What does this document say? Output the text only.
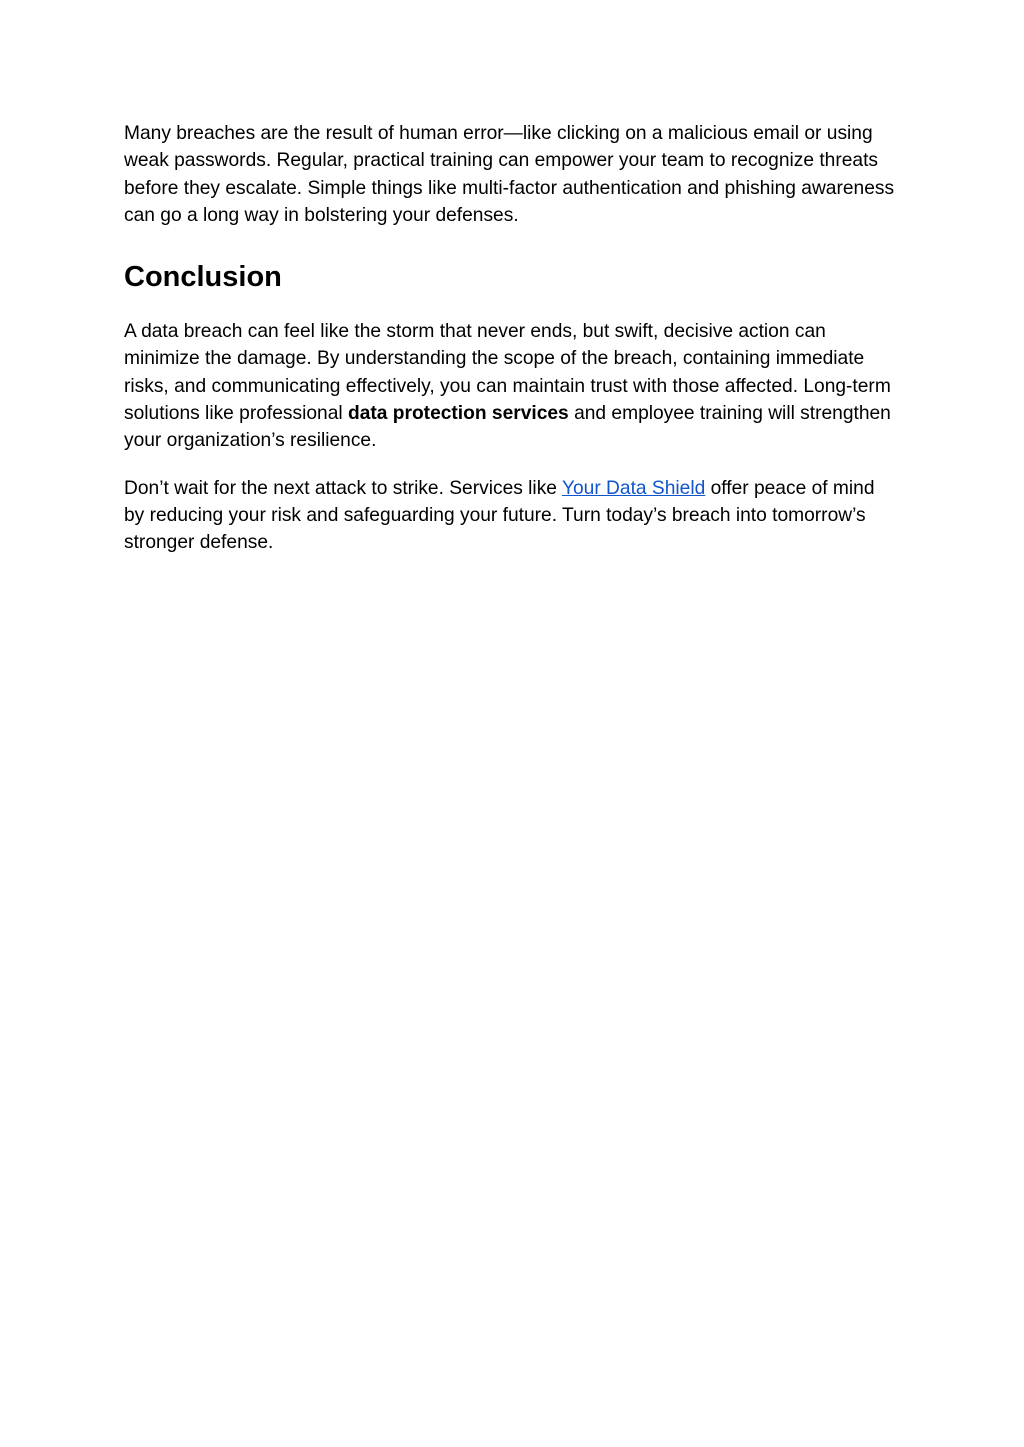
Many breaches are the result of human error—like clicking on a malicious email or using weak passwords. Regular, practical training can empower your team to recognize threats before they escalate. Simple things like multi-factor authentication and phishing awareness can go a long way in bolstering your defenses.

Conclusion

A data breach can feel like the storm that never ends, but swift, decisive action can minimize the damage. By understanding the scope of the breach, containing immediate risks, and communicating effectively, you can maintain trust with those affected. Long-term solutions like professional data protection services and employee training will strengthen your organization’s resilience.

Don’t wait for the next attack to strike. Services like Your Data Shield offer peace of mind by reducing your risk and safeguarding your future. Turn today’s breach into tomorrow’s stronger defense.
